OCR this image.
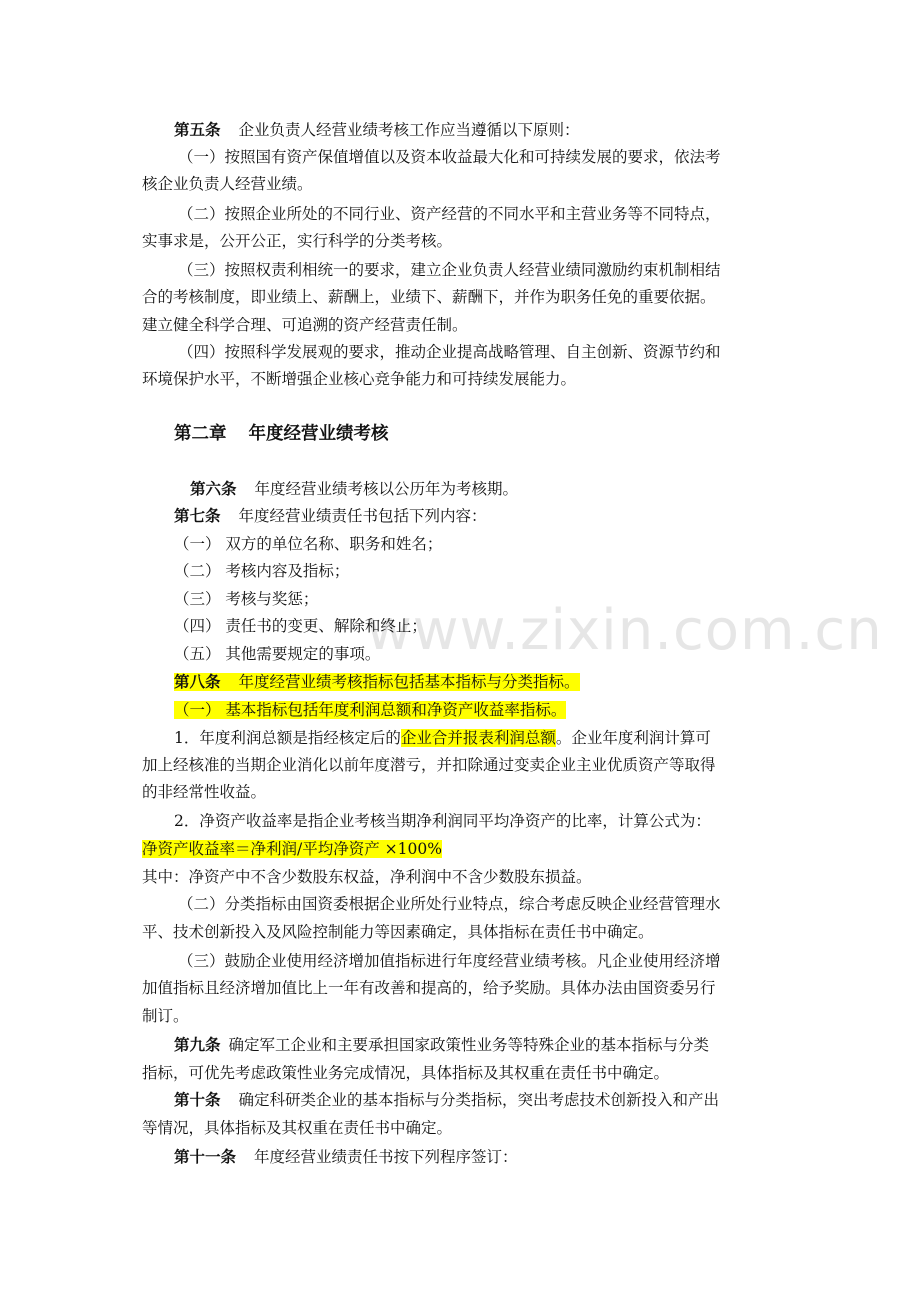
www.zixin.com.cn

第五条 企业负责人经营业绩考核工作应当遵循以下原则：

（一）按照国有资产保值增值以及资本收益最大化和可持续发展的要求，依法考

核企业负责人经营业绩。

（二）按照企业所处的不同行业、资产经营的不同水平和主营业务等不同特点，

实事求是，公开公正，实行科学的分类考核。

（三）按照权责利相统一的要求，建立企业负责人经营业绩同激励约束机制相结

合的考核制度，即业绩上、薪酬上，业绩下、薪酬下，并作为职务任免的重要依据。

建立健全科学合理、可追溯的资产经营责任制。

（四）按照科学发展观的要求，推动企业提高战略管理、自主创新、资源节约和

环境保护水平，不断增强企业核心竞争能力和可持续发展能力。

第二章 年度经营业绩考核

第六条 年度经营业绩考核以公历年为考核期。

第七条 年度经营业绩责任书包括下列内容：

（一） 双方的单位名称、职务和姓名；

（二） 考核内容及指标；

（三） 考核与奖惩；

（四） 责任书的变更、解除和终止；

（五） 其他需要规定的事项。

第八条 年度经营业绩考核指标包括基本指标与分类指标。

（一） 基本指标包括年度利润总额和净资产收益率指标。

1．年度利润总额是指经核定后的企业合并报表利润总额。企业年度利润计算可

加上经核准的当期企业消化以前年度潜亏，并扣除通过变卖企业主业优质资产等取得

的非经常性收益。

2．净资产收益率是指企业考核当期净利润同平均净资产的比率，计算公式为：

净资产收益率＝净利润/平均净资产 ×100%

其中：净资产中不含少数股东权益，净利润中不含少数股东损益。

（二）分类指标由国资委根据企业所处行业特点，综合考虑反映企业经营管理水

平、技术创新投入及风险控制能力等因素确定，具体指标在责任书中确定。

（三）鼓励企业使用经济增加值指标进行年度经营业绩考核。凡企业使用经济增

加值指标且经济增加值比上一年有改善和提高的，给予奖励。具体办法由国资委另行

制订。

第九条 确定军工企业和主要承担国家政策性业务等特殊企业的基本指标与分类

指标，可优先考虑政策性业务完成情况，具体指标及其权重在责任书中确定。

第十条 确定科研类企业的基本指标与分类指标，突出考虑技术创新投入和产出

等情况，具体指标及其权重在责任书中确定。

第十一条 年度经营业绩责任书按下列程序签订：
